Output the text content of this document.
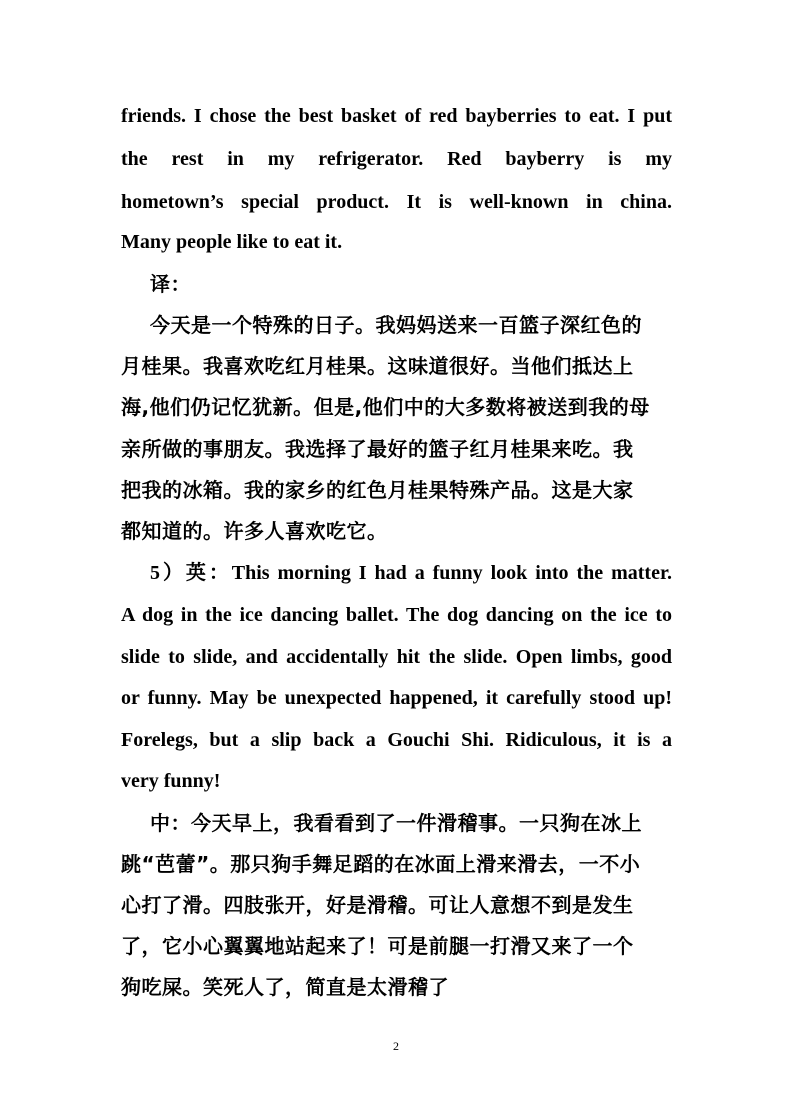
friends. I chose the best basket of red bayberries to eat. I put
the rest in my refrigerator. Red bayberry is my
hometown’s special product. It is well-known in china.
Many people like to eat it.
译：
今天是一个特殊的日子。我妈妈送来一百篮子深红色的
月桂果。我喜欢吃红月桂果。这味道很好。当他们抵达上
海,他们仍记忆犹新。但是,他们中的大多数将被送到我的母
亲所做的事朋友。我选择了最好的篮子红月桂果来吃。我
把我的冰箱。我的家乡的红色月桂果特殊产品。这是大家
都知道的。许多人喜欢吃它。
5）英：This morning I had a funny look into the matter.
A dog in the ice dancing ballet. The dog dancing on the ice to
slide to slide, and accidentally hit the slide. Open limbs, good
or funny. May be unexpected happened, it carefully stood up!
Forelegs, but a slip back a Gouchi Shi. Ridiculous, it is a
very funny!
中：今天早上，我看看到了一件滑稽事。一只狗在冰上
跳“芭蕾”。那只狗手舞足蹈的在冰面上滑来滑去，一不小
心打了滑。四肢张开，好是滑稽。可让人意想不到是发生
了，它小心翼翼地站起来了！可是前腿一打滑又来了一个
狗吃屎。笑死人了，简直是太滑稽了
2
